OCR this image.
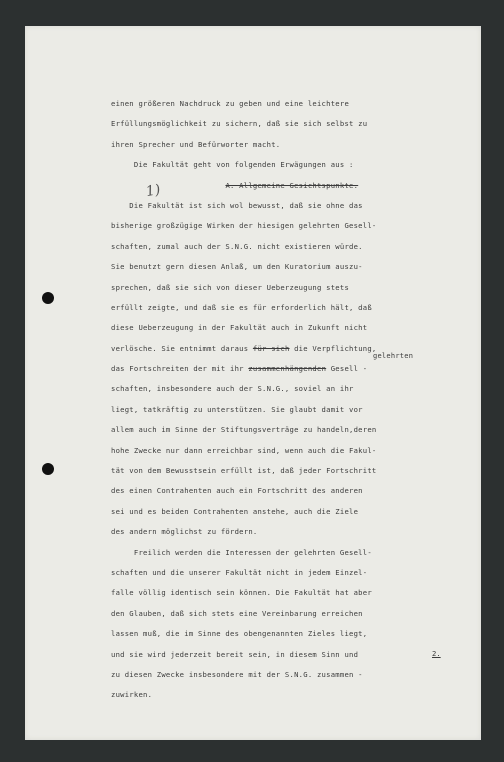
1)
einen größeren Nachdruck zu geben und eine leichtere
Erfüllungsmöglichkeit zu sichern, daß sie sich selbst zu
ihren Sprecher und Befürworter macht.
Die Fakultät geht von folgenden Erwägungen aus :
A. Allgemeine Gesichtspunkte.
Die Fakultät ist sich wol bewusst, daß sie ohne das
bisherige großzügige Wirken der hiesigen gelehrten Gesell-
schaften, zumal auch der S.N.G. nicht existieren würde.
Sie benutzt gern diesen Anlaß, um den Kuratorium auszu-
sprechen, daß sie sich von dieser Ueberzeugung stets
erfüllt zeigte, und daß sie es für erforderlich hält, daß
diese Ueberzeugung in der Fakultät auch in Zukunft nicht
verlösche. Sie entnimmt daraus für sich die Verpflichtung,
gelehrten
das Fortschreiten der mit ihr zusammenhängenden Gesell -
schaften, insbesondere auch der S.N.G., soviel an ihr
liegt, tatkräftig zu unterstützen. Sie glaubt damit vor
allem auch im Sinne der Stiftungsverträge zu handeln,deren
hohe Zwecke nur dann erreichbar sind, wenn auch die Fakul-
tät von dem Bewusstsein erfüllt ist, daß jeder Fortschritt
des einen Contrahenten auch ein Fortschritt des anderen
sei und es beiden Contrahenten anstehe, auch die Ziele
des andern möglichst zu fördern.
Freilich werden die Interessen der gelehrten Gesell-
schaften und die unserer Fakultät nicht in jedem Einzel-
falle völlig identisch sein können. Die Fakultät hat aber
den Glauben, daß sich stets eine Vereinbarung erreichen
lassen muß, die im Sinne des obengenannten Zieles liegt,
und sie wird jederzeit bereit sein, in diesem Sinn und
zu diesen Zwecke insbesondere mit der S.N.G. zusammen -
zuwirken.
2.
